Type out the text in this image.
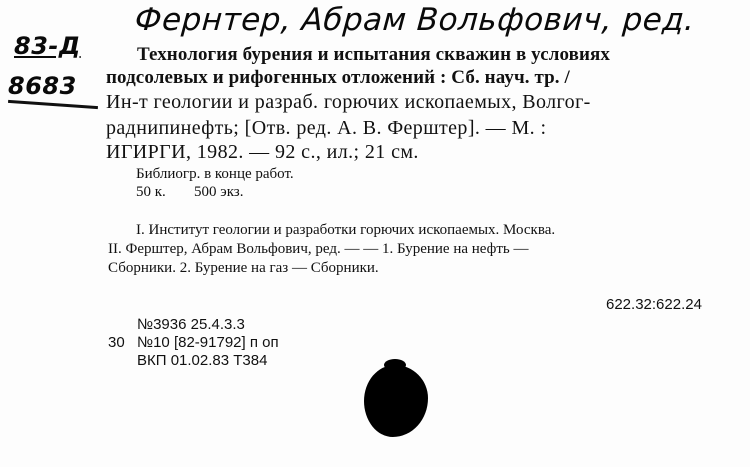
Фернтер, Абрам Вольфович, ред.
83-Д
8683
Технология бурения и испытания скважин в условиях
подсолевых и рифогенных отложений : Сб. науч. тр. /
Ин-т геологии и разраб. горючих ископаемых, Волгог-
раднипинефть; [Отв. ред. А. В. Ферштер]. — М. :
ИГИРГИ, 1982. — 92 с., ил.; 21 см.
Библиогр. в конце работ.
50 к. 500 экз.
I. Институт геологии и разработки горючих ископаемых. Москва.
II. Ферштер, Абрам Вольфович, ред. — — 1. Бурение на нефть —
Сборники. 2. Бурение на газ — Сборники.
622.32:622.24
№3936 25.4.3.3
30 №10 [82-91792] п оп
ВКП 01.02.83 Т384
